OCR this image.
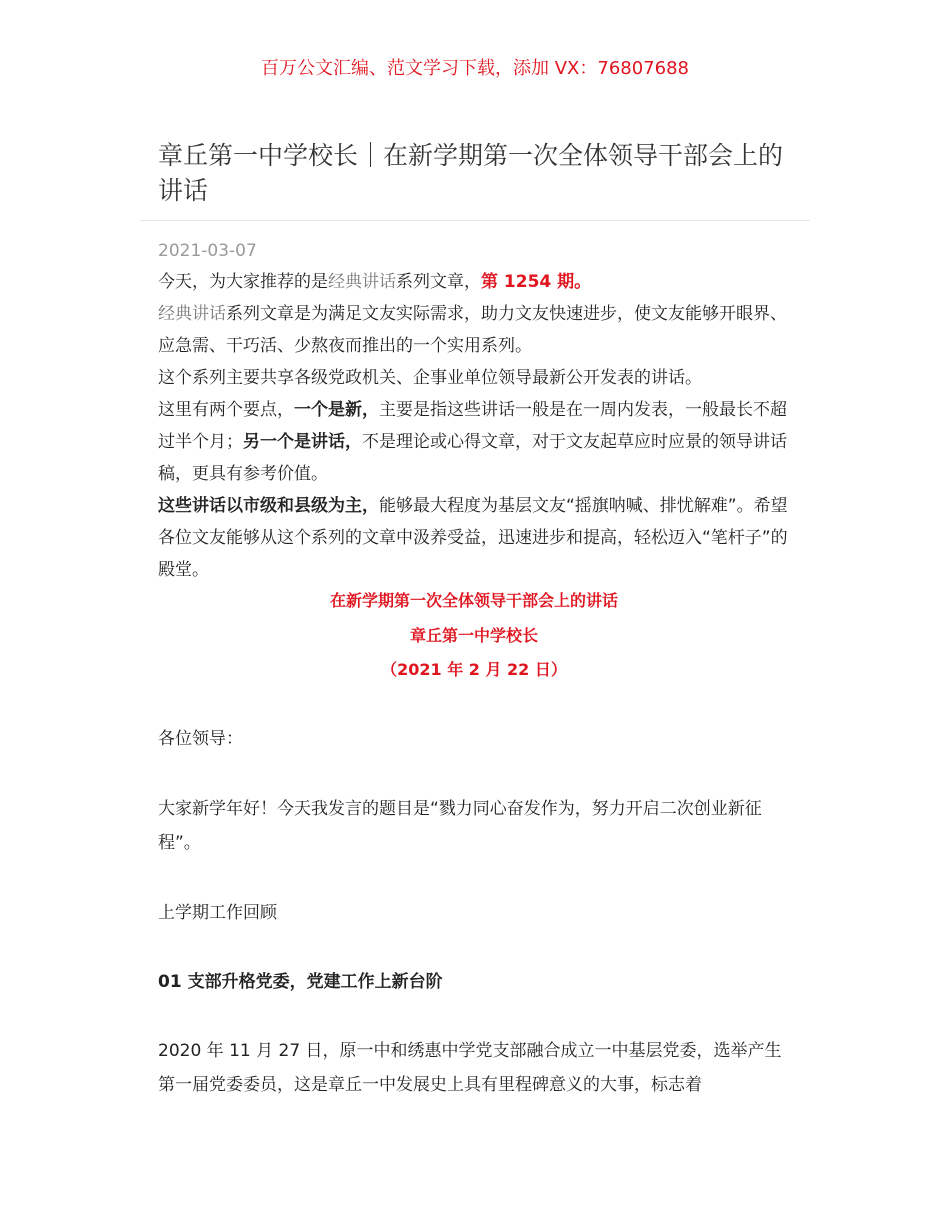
百万公文汇编、范文学习下载，添加 VX：76807688
章丘第一中学校长｜在新学期第一次全体领导干部会上的讲话
2021-03-07

今天，为大家推荐的是经典讲话系列文章，第 1254 期。

经典讲话系列文章是为满足文友实际需求，助力文友快速进步，使文友能够开眼界、应急需、干巧活、少熬夜而推出的一个实用系列。

这个系列主要共享各级党政机关、企事业单位领导最新公开发表的讲话。

这里有两个要点，一个是新，主要是指这些讲话一般是在一周内发表，一般最长不超过半个月；另一个是讲话，不是理论或心得文章，对于文友起草应时应景的领导讲话稿，更具有参考价值。

这些讲话以市级和县级为主，能够最大程度为基层文友“摇旗呐喊、排忧解难”。希望各位文友能够从这个系列的文章中汲养受益，迅速进步和提高，轻松迈入“笔杆子”的殿堂。

在新学期第一次全体领导干部会上的讲话
章丘第一中学校长
（2021 年 2 月 22 日）
各位领导：
大家新学年好！今天我发言的题目是“戮力同心奋发作为，努力开启二次创业新征程”。
上学期工作回顾
01 支部升格党委，党建工作上新台阶
2020 年 11 月 27 日，原一中和绣惠中学党支部融合成立一中基层党委，选举产生第一届党委委员，这是章丘一中发展史上具有里程碑意义的大事，标志着
